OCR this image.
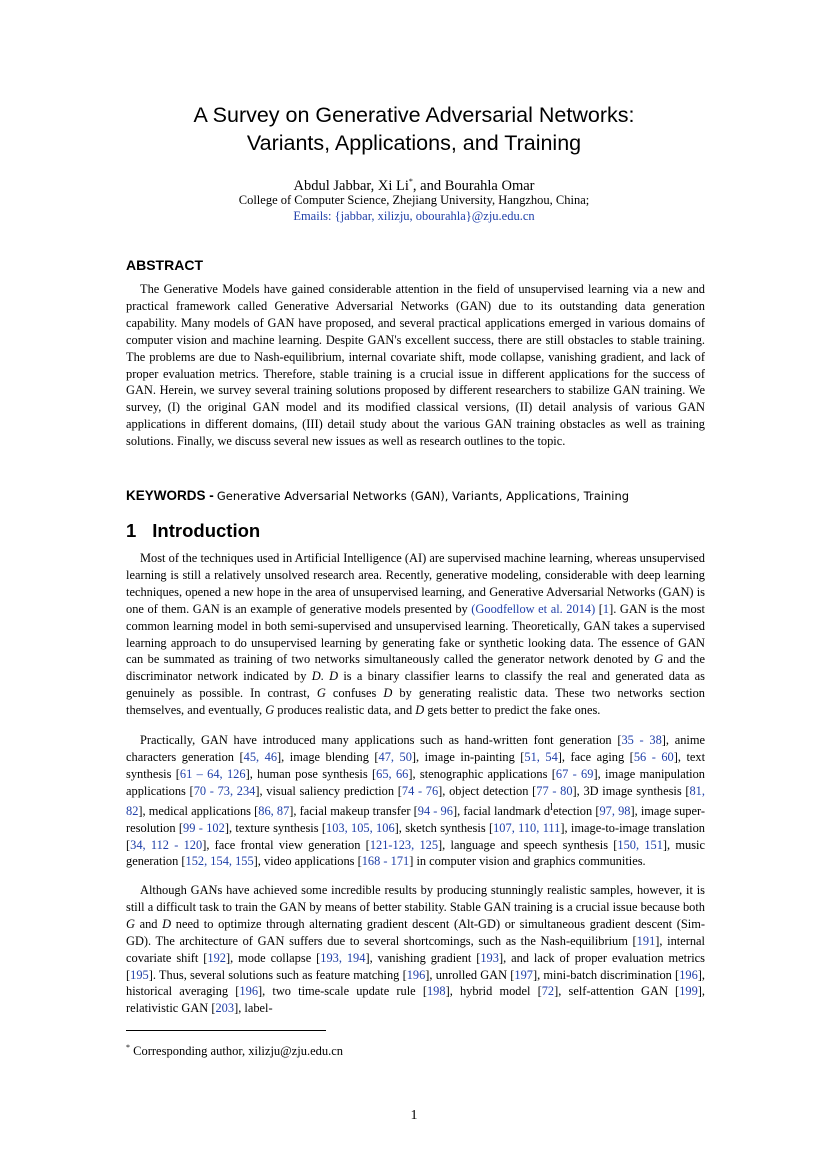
A Survey on Generative Adversarial Networks:
Variants, Applications, and Training
Abdul Jabbar, Xi Li*, and Bourahla Omar
College of Computer Science, Zhejiang University, Hangzhou, China;
Emails: {jabbar, xilizju, obourahla}@zju.edu.cn
ABSTRACT
The Generative Models have gained considerable attention in the field of unsupervised learning via a new and practical framework called Generative Adversarial Networks (GAN) due to its outstanding data generation capability. Many models of GAN have proposed, and several practical applications emerged in various domains of computer vision and machine learning. Despite GAN's excellent success, there are still obstacles to stable training. The problems are due to Nash-equilibrium, internal covariate shift, mode collapse, vanishing gradient, and lack of proper evaluation metrics. Therefore, stable training is a crucial issue in different applications for the success of GAN. Herein, we survey several training solutions proposed by different researchers to stabilize GAN training. We survey, (I) the original GAN model and its modified classical versions, (II) detail analysis of various GAN applications in different domains, (III) detail study about the various GAN training obstacles as well as training solutions. Finally, we discuss several new issues as well as research outlines to the topic.
KEYWORDS - Generative Adversarial Networks (GAN), Variants, Applications, Training
1 Introduction
Most of the techniques used in Artificial Intelligence (AI) are supervised machine learning, whereas unsupervised learning is still a relatively unsolved research area. Recently, generative modeling, considerable with deep learning techniques, opened a new hope in the area of unsupervised learning, and Generative Adversarial Networks (GAN) is one of them. GAN is an example of generative models presented by (Goodfellow et al. 2014) [1]. GAN is the most common learning model in both semi-supervised and unsupervised learning. Theoretically, GAN takes a supervised learning approach to do unsupervised learning by generating fake or synthetic looking data. The essence of GAN can be summated as training of two networks simultaneously called the generator network denoted by G and the discriminator network indicated by D. D is a binary classifier learns to classify the real and generated data as genuinely as possible. In contrast, G confuses D by generating realistic data. These two networks section themselves, and eventually, G produces realistic data, and D gets better to predict the fake ones.
Practically, GAN have introduced many applications such as hand-written font generation [35 - 38], anime characters generation [45, 46], image blending [47, 50], image in-painting [51, 54], face aging [56 - 60], text synthesis [61 – 64, 126], human pose synthesis [65, 66], stenographic applications [67 - 69], image manipulation applications [70 - 73, 234], visual saliency prediction [74 - 76], object detection [77 - 80], 3D image synthesis [81, 82], medical applications [86, 87], facial makeup transfer [94 - 96], facial landmark $d^letection$ [97, 98], image super-resolution [99 - 102], texture synthesis [103, 105, 106], sketch synthesis [107, 110, 111], image-to-image translation [34, 112 - 120], face frontal view generation [121-123, 125], language and speech synthesis [150, 151], music generation [152, 154, 155], video applications [168 - 171] in computer vision and graphics communities.
Although GANs have achieved some incredible results by producing stunningly realistic samples, however, it is still a difficult task to train the GAN by means of better stability. Stable GAN training is a crucial issue because both G and D need to optimize through alternating gradient descent (Alt-GD) or simultaneous gradient descent (Sim-GD). The architecture of GAN suffers due to several shortcomings, such as the Nash-equilibrium [191], internal covariate shift [192], mode collapse [193, 194], vanishing gradient [193], and lack of proper evaluation metrics [195]. Thus, several solutions such as feature matching [196], unrolled GAN [197], mini-batch discrimination [196], historical averaging [196], two time-scale update rule [198], hybrid model [72], self-attention GAN [199], relativistic GAN [203], label-
* Corresponding author, xilizju@zju.edu.cn
1
